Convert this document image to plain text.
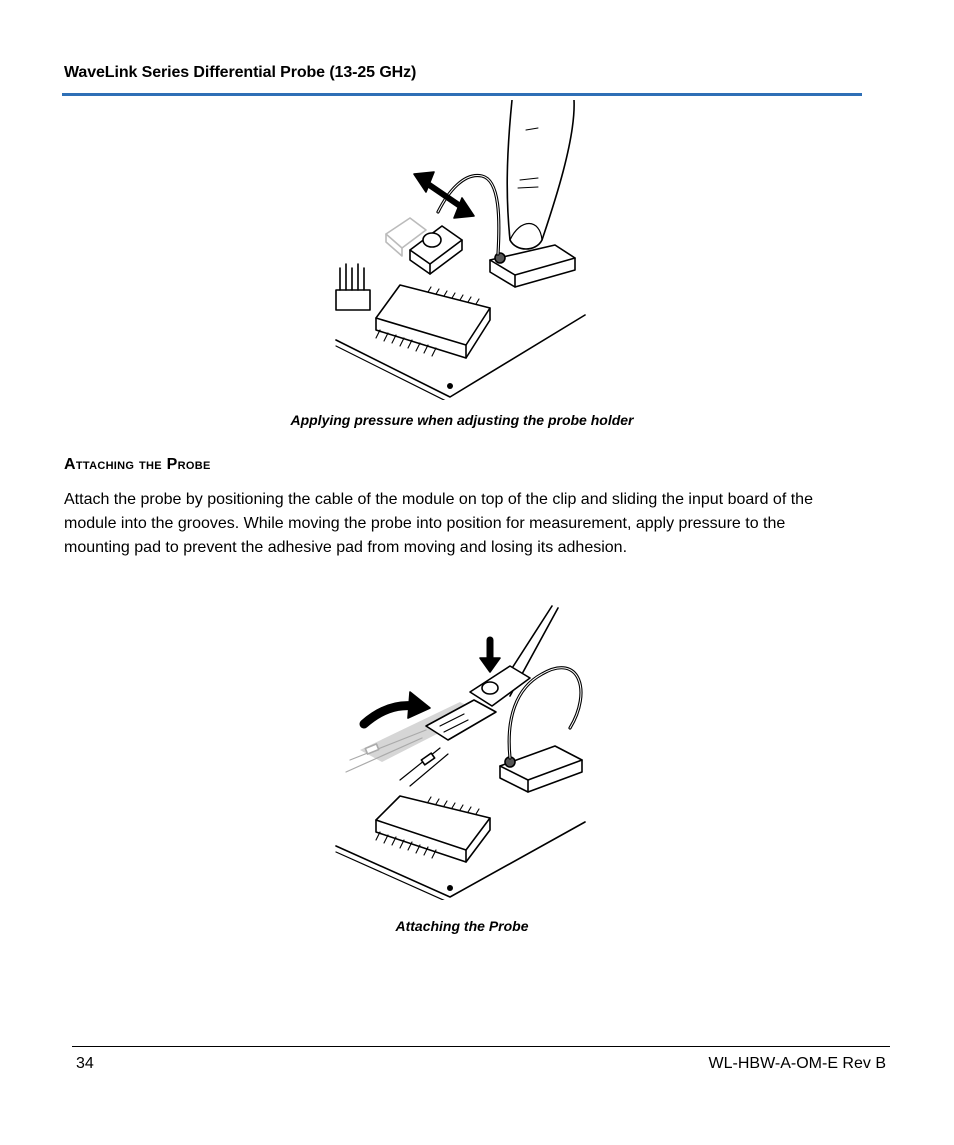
WaveLink Series Differential Probe (13-25 GHz)
Applying pressure when adjusting the probe holder
Attaching the Probe
Attach the probe by positioning the cable of the module on top of the clip and sliding the input board of the module into the grooves. While moving the probe into position for measurement, apply pressure to the mounting pad to prevent the adhesive pad from moving and losing its adhesion.
Attaching the Probe
34	WL-HBW-A-OM-E Rev B
